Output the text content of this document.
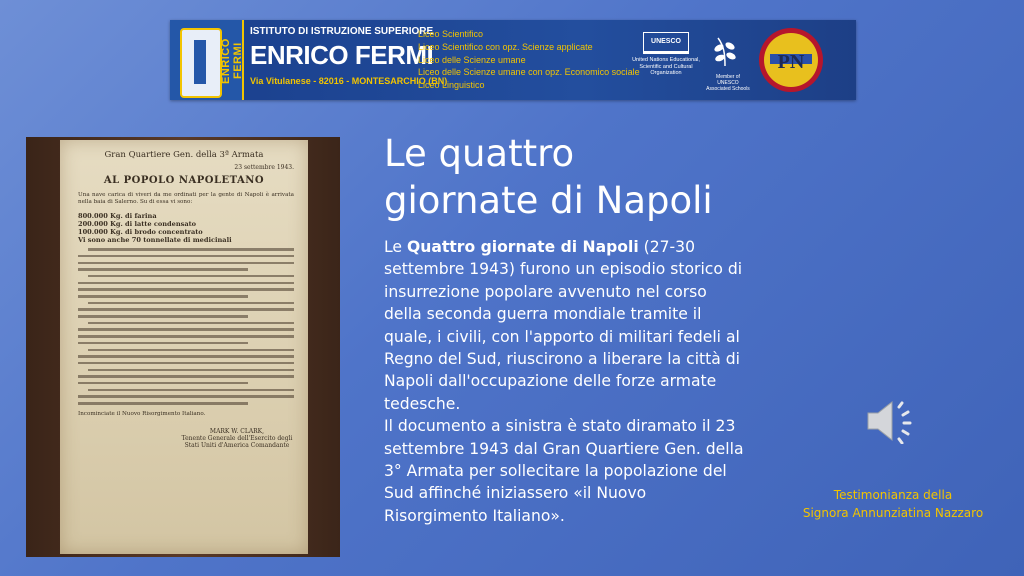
ENRICO FERMI
ISTITUTO DI ISTRUZIONE SUPERIORE
ENRICO FERMI
Via Vitulanese - 82016 - MONTESARCHIO (BN)
Liceo Scientifico
Liceo Scientifico con opz. Scienze applicate
Liceo delle Scienze umane
Liceo delle Scienze umane con opz. Economico sociale
Liceo Linguistico
UNESCO
United Nations Educational, Scientific and Cultural Organization
Member of UNESCO Associated Schools
PN
Gran Quartiere Gen. della 3ª Armata
23 settembre 1943.
AL POPOLO NAPOLETANO
Una nave carica di viveri da me ordinati per la gente di Napoli è arrivata nella baia di Salerno. Su di essa vi sono:
800.000 Kg. di farina
200.000 Kg. di latte condensato
100.000 Kg. di brodo concentrato
Vi sono anche 70 tonnellate di medicinali
Incominciate il Nuovo Risorgimento Italiano.
MARK W. CLARK,
Tenente Generale dell'Esercito degli Stati Uniti d'America Comandante
Le quattro
giornate di Napoli

Le Quattro giornate di Napoli (27-30 settembre 1943) furono un episodio storico di insurrezione popolare avvenuto nel corso della seconda guerra mondiale tramite il quale, i civili, con l'apporto di militari fedeli al Regno del Sud, riuscirono a liberare la città di Napoli dall'occupazione delle forze armate tedesche.

Il documento a sinistra è stato diramato il 23 settembre 1943 dal Gran Quartiere Gen. della 3° Armata per sollecitare la popolazione del Sud affinché iniziassero «il Nuovo Risorgimento Italiano».

Testimonianza della
Signora Annunziatina Nazzaro
